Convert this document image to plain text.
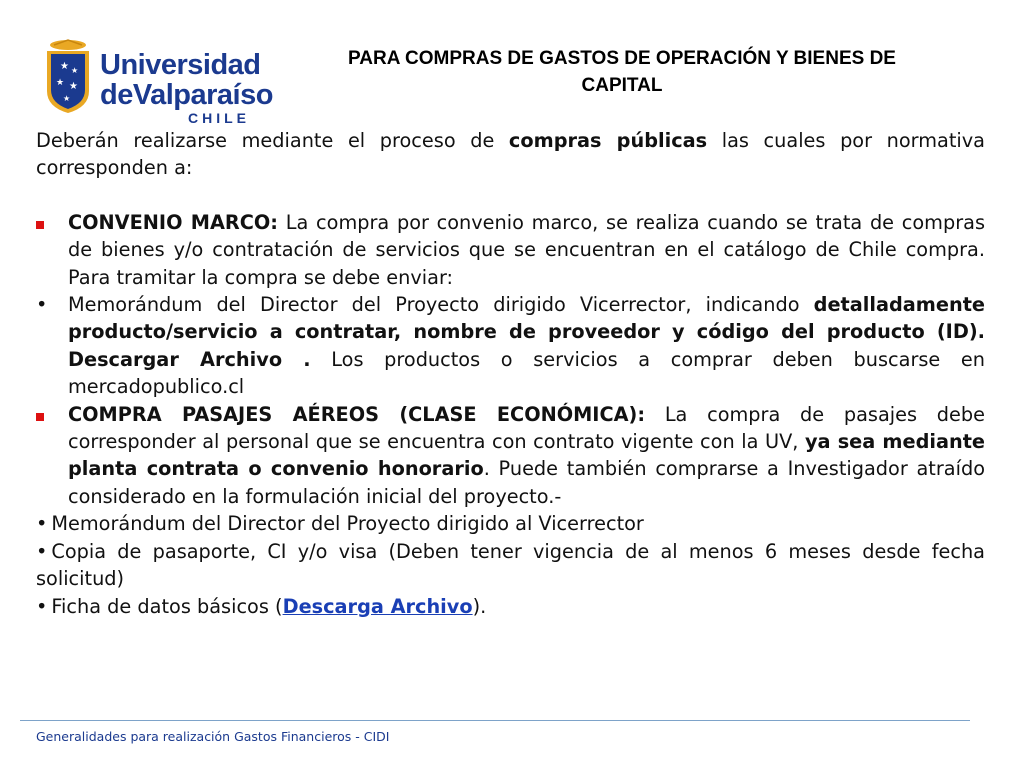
★ ★
★ ★
★
Universidad
deValparaíso
CHILE
PARA COMPRAS DE GASTOS DE OPERACIÓN Y BIENES DE
CAPITAL

Deberán realizarse mediante el proceso de compras públicas las cuales por normativa corresponden a:

CONVENIO MARCO: La compra por convenio marco, se realiza cuando se trata de compras de bienes y/o contratación de servicios que se encuentran en el catálogo de Chile compra. Para tramitar la compra se debe enviar:

• Memorándum del Director del Proyecto dirigido Vicerrector, indicando detalladamente producto/servicio a contratar, nombre de proveedor y código del producto (ID). Descargar Archivo . Los productos o servicios a comprar deben buscarse en mercadopublico.cl

COMPRA PASAJES AÉREOS (CLASE ECONÓMICA): La compra de pasajes debe corresponder al personal que se encuentra con contrato vigente con la UV, ya sea mediante planta contrata o convenio honorario. Puede también comprarse a Investigador atraído considerado en la formulación inicial del proyecto.-

• Memorándum del Director del Proyecto dirigido al Vicerrector

• Copia de pasaporte, CI y/o visa (Deben tener vigencia de al menos 6 meses desde fecha solicitud)

• Ficha de datos básicos (Descarga Archivo).

Generalidades para realización Gastos Financieros - CIDI
